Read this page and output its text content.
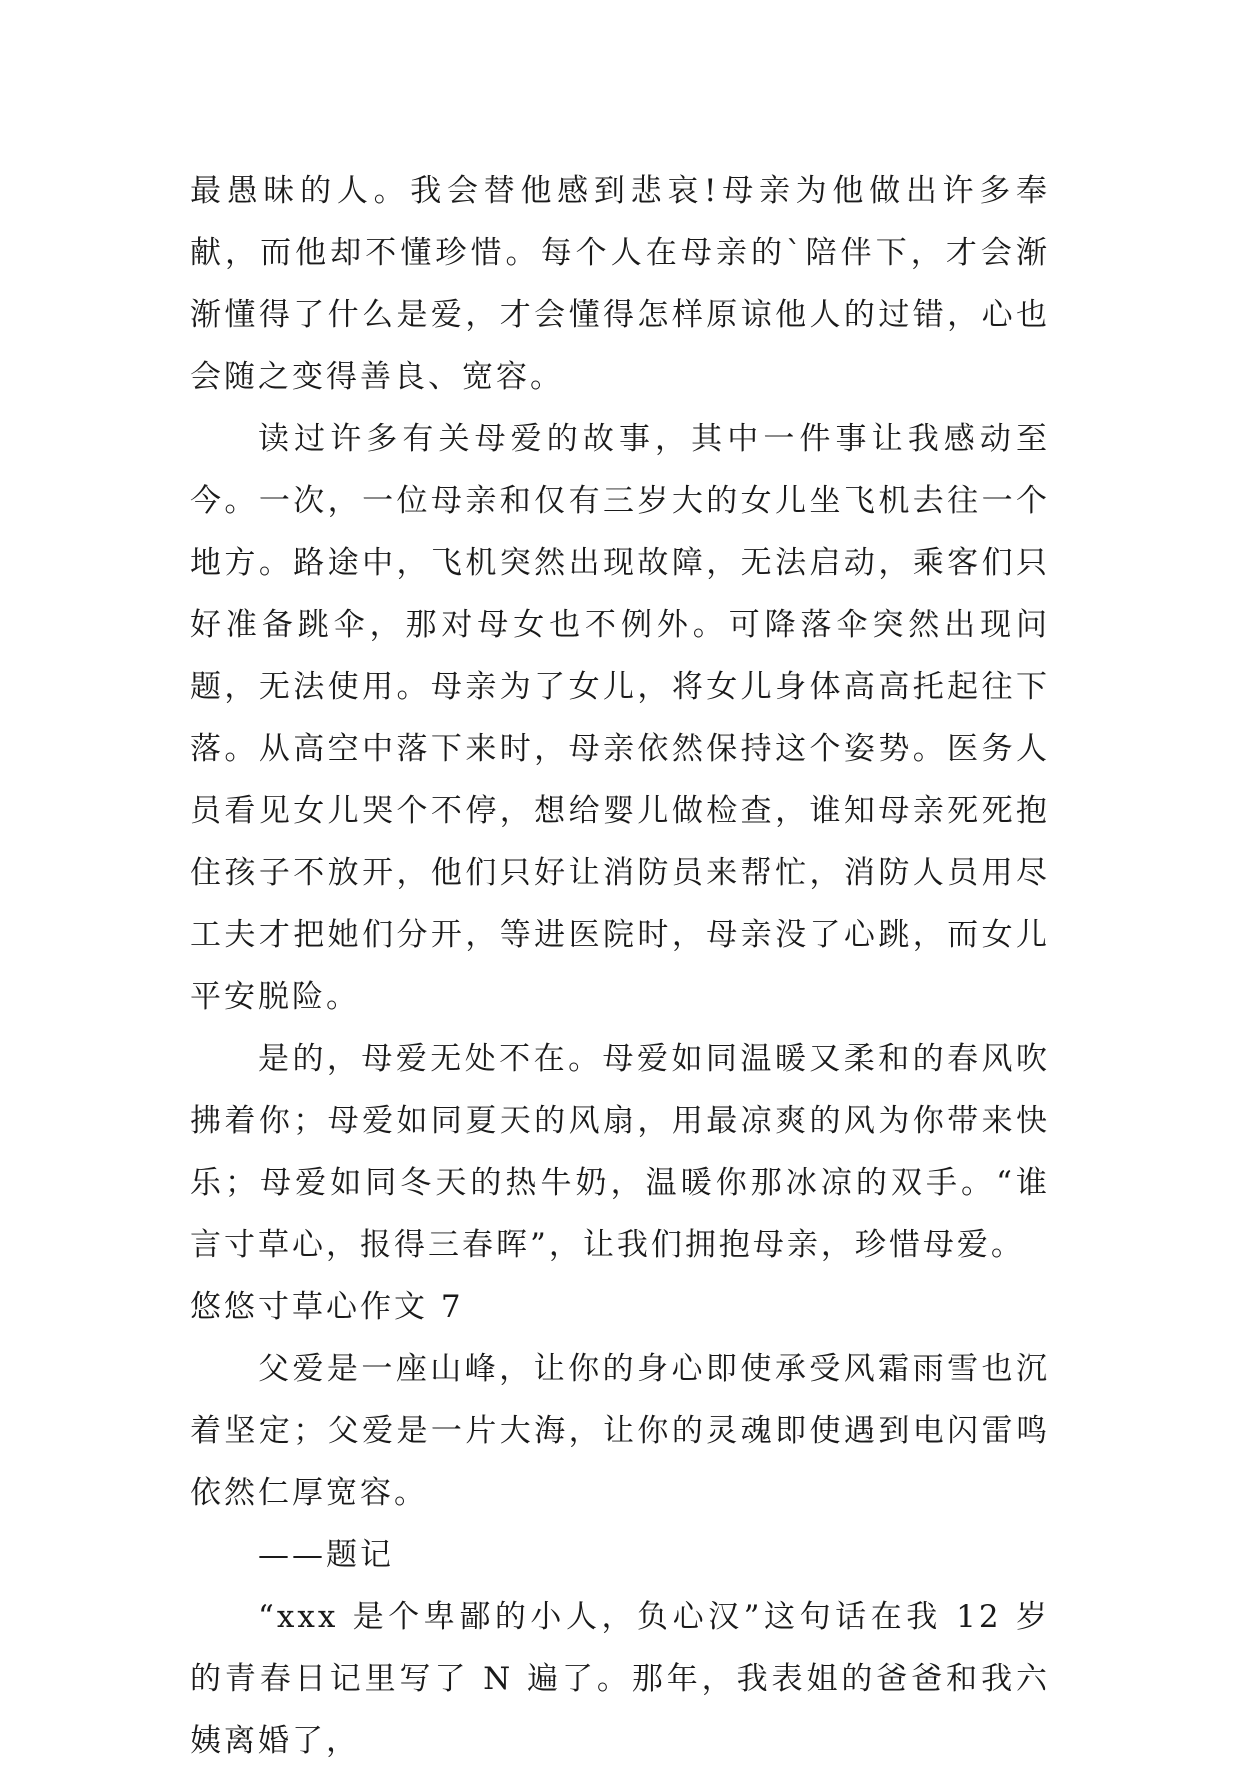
最愚昧的人。我会替他感到悲哀!母亲为他做出许多奉献，而他却不懂珍惜。每个人在母亲的`陪伴下，才会渐渐懂得了什么是爱，才会懂得怎样原谅他人的过错，心也会随之变得善良、宽容。

读过许多有关母爱的故事，其中一件事让我感动至今。一次，一位母亲和仅有三岁大的女儿坐飞机去往一个地方。路途中，飞机突然出现故障，无法启动，乘客们只好准备跳伞，那对母女也不例外。可降落伞突然出现问题，无法使用。母亲为了女儿，将女儿身体高高托起往下落。从高空中落下来时，母亲依然保持这个姿势。医务人员看见女儿哭个不停，想给婴儿做检查，谁知母亲死死抱住孩子不放开，他们只好让消防员来帮忙，消防人员用尽工夫才把她们分开，等进医院时，母亲没了心跳，而女儿平安脱险。

是的，母爱无处不在。母爱如同温暖又柔和的春风吹拂着你；母爱如同夏天的风扇，用最凉爽的风为你带来快乐；母爱如同冬天的热牛奶，温暖你那冰凉的双手。“谁言寸草心，报得三春晖”，让我们拥抱母亲，珍惜母爱。

悠悠寸草心作文 7

父爱是一座山峰，让你的身心即使承受风霜雨雪也沉着坚定；父爱是一片大海，让你的灵魂即使遇到电闪雷鸣依然仁厚宽容。

——题记

“xxx 是个卑鄙的小人，负心汉”这句话在我 12 岁的青春日记里写了 N 遍了。那年，我表姐的爸爸和我六姨离婚了，
